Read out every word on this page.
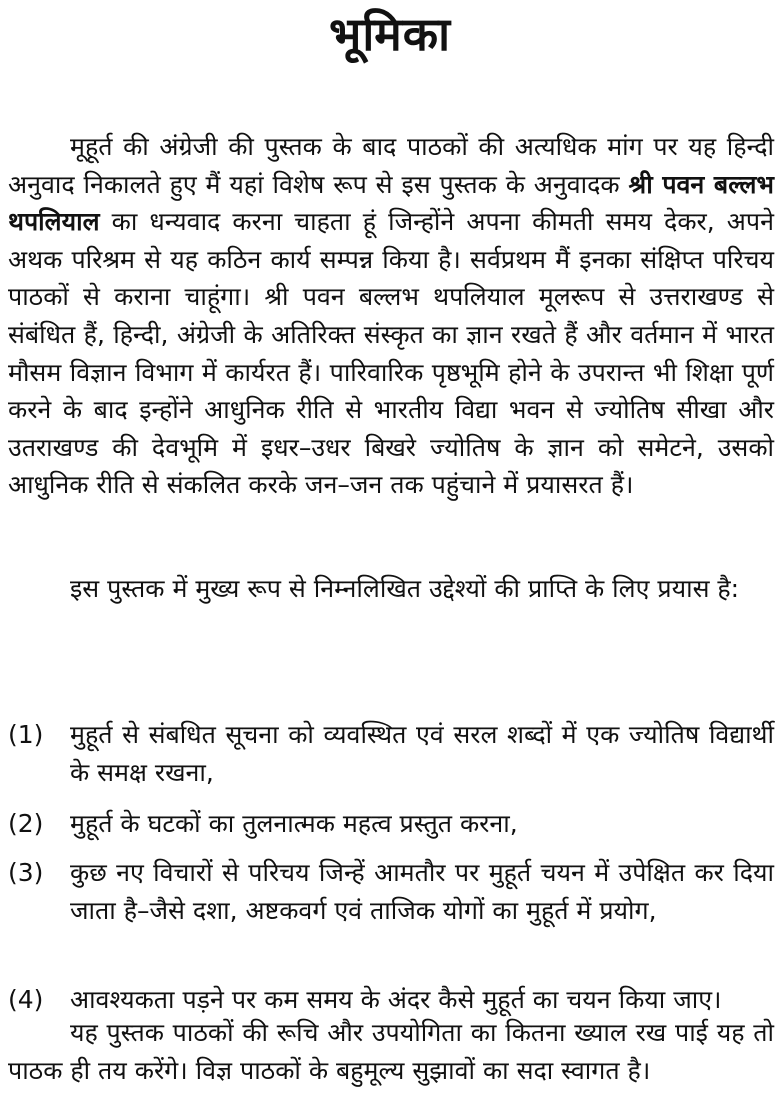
भूमिका

मूहूर्त की अंग्रेजी की पुस्तक के बाद पाठकों की अत्यधिक मांग पर यह हिन्दी अनुवाद निकालते हुए मैं यहां विशेष रूप से इस पुस्तक के अनुवादक श्री पवन बल्लभ थपलियाल का धन्यवाद करना चाहता हूं जिन्होंने अपना कीमती समय देकर, अपने अथक परिश्रम से यह कठिन कार्य सम्पन्न किया है। सर्वप्रथम मैं इनका संक्षिप्त परिचय पाठकों से कराना चाहूंगा। श्री पवन बल्लभ थपलियाल मूलरूप से उत्तराखण्ड से संबंधित हैं, हिन्दी, अंग्रेजी के अतिरिक्त संस्कृत का ज्ञान रखते हैं और वर्तमान में भारत मौसम विज्ञान विभाग में कार्यरत हैं। पारिवारिक पृष्ठभूमि होने के उपरान्त भी शिक्षा पूर्ण करने के बाद इन्होंने आधुनिक रीति से भारतीय विद्या भवन से ज्योतिष सीखा और उतराखण्ड की देवभूमि में इधर–उधर बिखरे ज्योतिष के ज्ञान को समेटने, उसको आधुनिक रीति से संकलित करके जन–जन तक पहुंचाने में प्रयासरत हैं।

इस पुस्तक में मुख्य रूप से निम्नलिखित उद्देश्यों की प्राप्ति के लिए प्रयास है:

(1)	मुहूर्त से संबधित सूचना को व्यवस्थित एवं सरल शब्दों में एक ज्योतिष विद्यार्थी के समक्ष रखना,
(2)	मुहूर्त के घटकों का तुलनात्मक महत्व प्रस्तुत करना,
(3)	कुछ नए विचारों से परिचय जिन्हें आमतौर पर मुहूर्त चयन में उपेक्षित कर दिया जाता है–जैसे दशा, अष्टकवर्ग एवं ताजिक योगों का मुहूर्त में प्रयोग,
(4)	आवश्यकता पड़ने पर कम समय के अंदर कैसे मुहूर्त का चयन किया जाए।

यह पुस्तक पाठकों की रूचि और उपयोगिता का कितना ख्याल रख पाई यह तो पाठक ही तय करेंगे। विज्ञ पाठकों के बहुमूल्य सुझावों का सदा स्वागत है।
